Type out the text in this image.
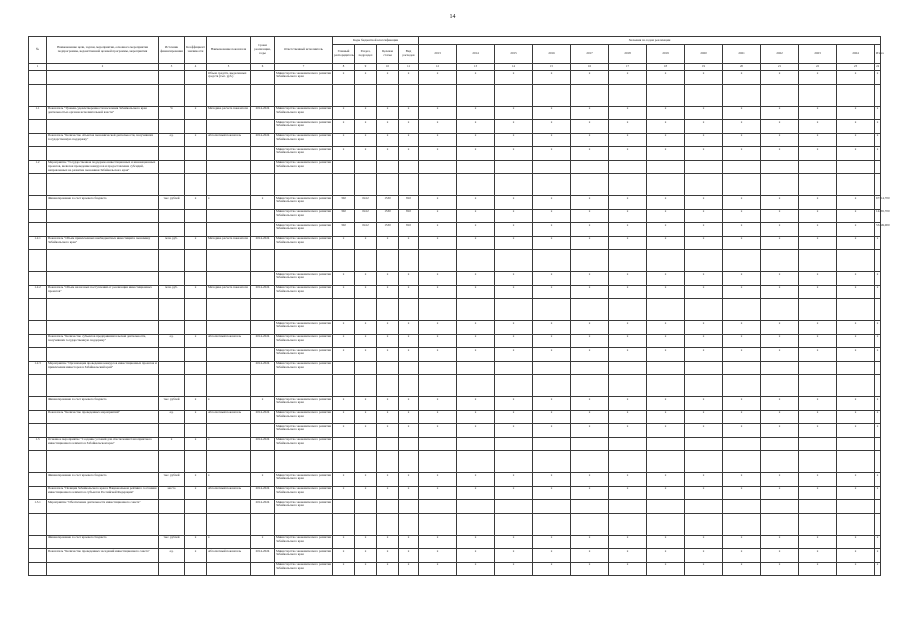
14
№	Наименование цели, задачи, мероприятия, основного мероприятия подпрограммы, ведомственной целевой программы, мероприятия	Источник финансирования	Коэффициент значимости	Наименование показателя	Сроки реализации, годы	Ответственный исполнитель	Коды бюджетной классификации				Значения по годам реализации												
							Главный распорядитель	Раздел, подраздел	Целевая статья	Вид расходов	2013	2014	2015	2016	2017	2018	2019	2020	2021	2022	2023	2024	Итого
1	2	3	4	5	6	7	8	9	10	11	12	13	14	15	16	17	18	19	20	21	22	23	24
				Объем средств, выделенных средств (тыс. руб.)		Министерство экономического развития Забайкальского края	х	х	х	х	х	х	х	х	х	х	х	х	х	х	х	х	х

1.1	Показатель "Уровень удовлетворенности населения Забайкальского края деятельностью органов исполнительной власти"	%	х	Методика расчета показателя	2014-2024	Министерство экономического развития Забайкальского края	х	х	х	х	х	х	х	х	х	х	х	х	х	х	х	х	х
						Министерство экономического развития Забайкальского края	х	х	х	х	х	х	х	х	х	х	х	х	х	х	х	х	х
	Показатель "Количество объектов экономической деятельности, получивших государственную поддержку"	ед.	х	Абсолютный показатель	2014-2024	Министерство экономического развития Забайкальского края	х	х	х	х	х	х	х	х	х	х	х	х	х	х	х	х	х
						Министерство экономического развития Забайкальского края	х	х	х	х	х	х	х	х	х	х	х	х	х	х	х	х	х
1.2	Мероприятие "Государственная поддержка инвестиционных и инновационных проектов, включая проведение конкурсов и предоставление субсидий, направленных на развитие экономики Забайкальского края"					Министерство экономического развития Забайкальского края																	

	Финансирование за счет краевого бюджета	тыс. рублей	х	х	х	Министерство экономического развития Забайкальского края	302	0412	1530	810	х	х	х	х	х	х	х	х	х	х	х	х	67714,700
						Министерство экономического развития Забайкальского края	302	0412	1530	810	х	х	х	х	х	х	х	х	х	х	х	х	14465,700
						Министерство экономического развития Забайкальского края	302	0412	1530	810	х	х	х	х	х	х	х	х	х	х	х	х	53249,000
1.2.1	Показатель "Объем привлеченных внебюджетных инвестиций в экономику Забайкальского края"	млн. руб.	х	Методика расчета показателя	2014-2024	Министерство экономического развития Забайкальского края	х	х	х	х	х	х	х	х	х	х	х	х	х	х	х	х	х

						Министерство экономического развития Забайкальского края	х	х	х	х	х	х	х	х	х	х	х	х	х	х	х	х	х
1.2.2	Показатель "Объем налоговых поступлений от реализации инвестиционных проектов"	млн. руб.	х	Методика расчета показателя	2014-2024	Министерство экономического развития Забайкальского края	х	х	х	х	х	х	х	х	х	х	х	х	х	х	х	х	х

						Министерство экономического развития Забайкальского края	х	х	х	х	х	х	х	х	х	х	х	х	х	х	х	х	х
	Показатель "Количество субъектов предпринимательской деятельности, получивших государственную поддержку"	ед.	х	Абсолютный показатель	2014-2024	Министерство экономического развития Забайкальского края	х	х	х	х	х	х	х	х	х	х	х	х	х	х	х	х	х
						Министерство экономического развития Забайкальского края	х	х	х	х	х	х	х	х	х	х	х	х	х	х	х	х	х
1.2.3	Мероприятие "Организация проведения конкурсов инвестиционных проектов и привлечения инвесторов в Забайкальский край"				2014-2024	Министерство экономического развития Забайкальского края																	

	Финансирование за счет краевого бюджета	тыс. рублей	х	х	х	Министерство экономического развития Забайкальского края	х	х	х	х	х	х	х	х	х	х	х	х	х	х	х	х	х
	Показатель "Количество проведенных мероприятий"	ед.	х	Абсолютный показатель	2014-2024	Министерство экономического развития Забайкальского края	х	х	х	х	х	х	х	х	х	х	х	х	х	х	х	х	х
						Министерство экономического развития Забайкальского края	х	х	х	х	х	х	х	х	х	х	х	х	х	х	х	х	х
1.3	Основное мероприятие "Создание условий для обеспечения благоприятного инвестиционного климата в Забайкальском крае"	х	х	х	2014-2024	Министерство экономического развития Забайкальского края																	

	Финансирование за счет краевого бюджета	тыс. рублей	х	х	х	Министерство экономического развития Забайкальского края	х	х	х	х	х	х	х	х	х	х	х	х	х	х	х	х	х
	Показатель "Позиция Забайкальского края в Национальном рейтинге состояния инвестиционного климата в субъектах Российской Федерации"	место	х	Абсолютный показатель	2014-2024	Министерство экономического развития Забайкальского края	х	х	х	х	х	х	х	х	х	х	х	х	х	х	х	х	х
1.3.1	Мероприятие "Обеспечение деятельности инвестиционного совета"				2014-2024	Министерство экономического развития Забайкальского края																	

	Финансирование за счет краевого бюджета	тыс. рублей	х	х	х	Министерство экономического развития Забайкальского края	х	х	х	х	х	х	х	х	х	х	х	х	х	х	х	х	х
	Показатель "Количество проведенных заседаний инвестиционного совета"	ед.	х	Абсолютный показатель	2014-2024	Министерство экономического развития Забайкальского края	х	х	х	х	х	х	х	х	х	х	х	х	х	х	х	х	х
						Министерство экономического развития Забайкальского края	х	х	х	х	х	х	х	х	х	х	х	х	х	х	х	х	х
